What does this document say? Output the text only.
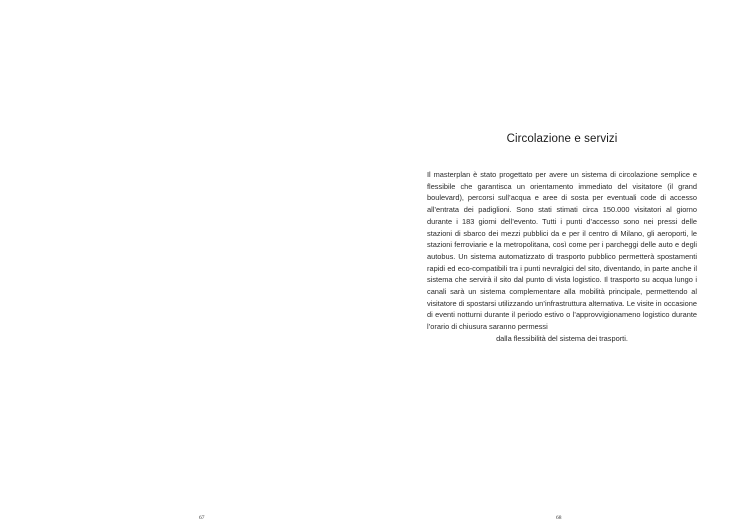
Circolazione e servizi
Il masterplan è stato progettato per avere un sistema di circolazione semplice e flessibile che garantisca un orientamento immediato del visitatore (il grand boulevard), percorsi sull’acqua e aree di sosta per eventuali code di accesso all’entrata dei padiglioni. Sono stati stimati circa 150.000 visitatori al giorno durante i 183 giorni dell’evento. Tutti i punti d’accesso sono nei pressi delle stazioni di sbarco dei mezzi pubblici da e per il centro di Milano, gli aeroporti, le stazioni ferroviarie e la metropolitana, così come per i parcheggi delle auto e degli autobus. Un sistema automatizzato di trasporto pubblico permetterà spostamenti rapidi ed eco-compatibili tra i punti nevralgici del sito, diventando, in parte anche il sistema che servirà il sito dal punto di vista logistico. Il trasporto su acqua lungo i canali sarà un sistema complementare alla mobilità principale, permettendo al visitatore di spostarsi utilizzando un’infrastruttura alternativa. Le visite in occasione di eventi notturni durante il periodo estivo o l’approvvigionameno logistico durante l’orario di chiusura saranno permessi
dalla flessibilità del sistema dei trasporti.
67	68
